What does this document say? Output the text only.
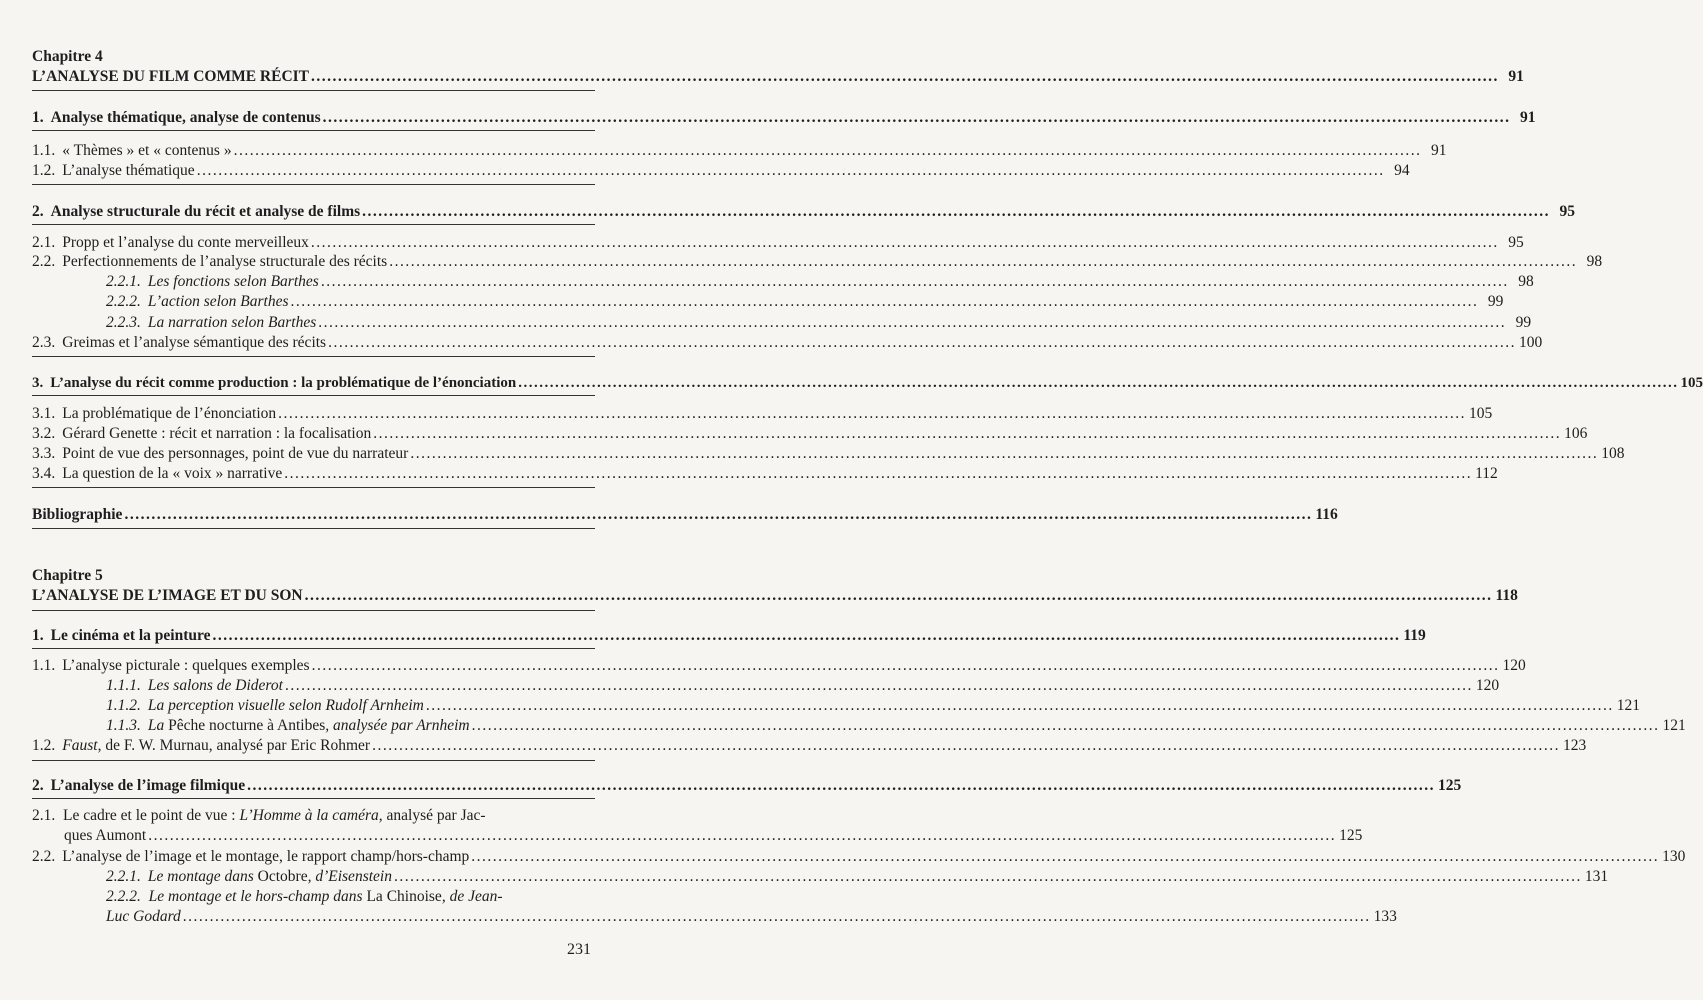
Chapitre 4
L’ANALYSE DU FILM COMME RÉCIT .....	91
1. Analyse thématique, analyse de contenus .....	91
1.1. « Thèmes » et « contenus » .....	91
1.2. L’analyse thématique .....	94
2. Analyse structurale du récit et analyse de films .....	95
2.1. Propp et l’analyse du conte merveilleux .....	95
2.2. Perfectionnements de l’analyse structurale des récits .....	98
2.2.1. Les fonctions selon Barthes .....	98
2.2.2. L’action selon Barthes .....	99
2.2.3. La narration selon Barthes .....	99
2.3. Greimas et l’analyse sémantique des récits .....	100
3. L’analyse du récit comme production : la problématique de l’énonciation .....	105
3.1. La problématique de l’énonciation .....	105
3.2. Gérard Genette : récit et narration : la focalisation .....	106
3.3. Point de vue des personnages, point de vue du narrateur .....	108
3.4. La question de la « voix » narrative .....	112
Bibliographie .....	116
Chapitre 5
L’ANALYSE DE L’IMAGE ET DU SON .....	118
1. Le cinéma et la peinture .....	119
1.1. L’analyse picturale : quelques exemples .....	120
1.1.1. Les salons de Diderot .....	120
1.1.2. La perception visuelle selon Rudolf Arnheim .....	121
1.1.3. La Pêche nocturne à Antibes, analysée par Arnheim .....	121
1.2. Faust, de F. W. Murnau, analysé par Eric Rohmer .....	123
2. L’analyse de l’image filmique .....	125
2.1. Le cadre et le point de vue : L’Homme à la caméra, analysé par Jac-
ques Aumont .....	125
2.2. L’analyse de l’image et le montage, le rapport champ/hors-champ .....	130
2.2.1. Le montage dans Octobre, d’Eisenstein .....	131
2.2.2. Le montage et le hors-champ dans La Chinoise, de Jean-
Luc Godard .....	133
231
